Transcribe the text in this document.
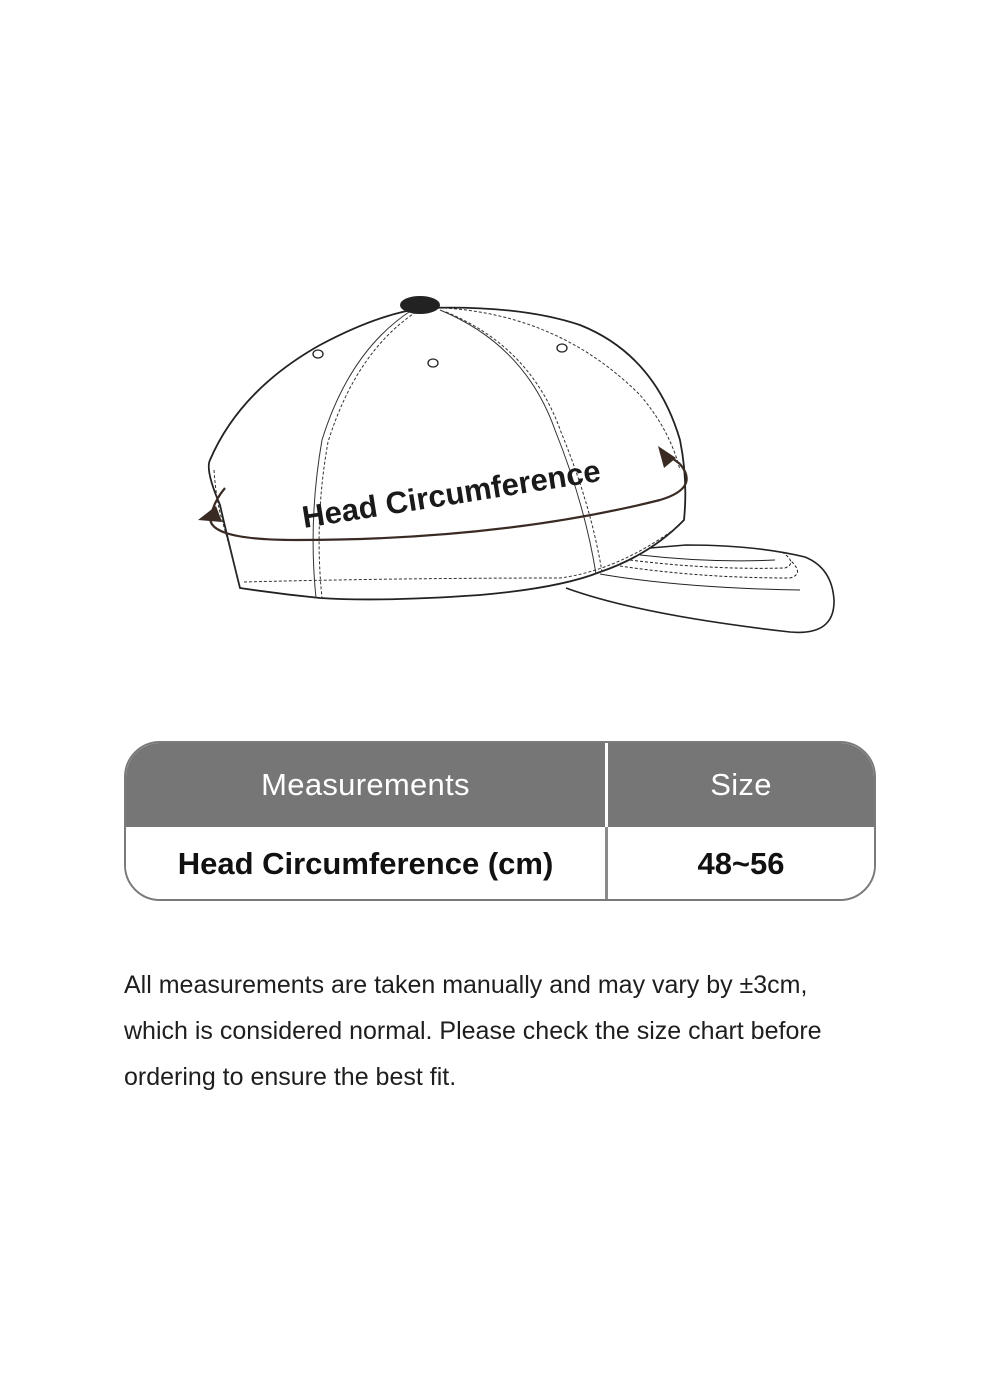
Head Circumference
Measurements	Size
Head Circumference (cm)	48~56

All measurements are taken manually and may vary by ±3cm,

which is considered normal. Please check the size chart before

ordering to ensure the best fit.
